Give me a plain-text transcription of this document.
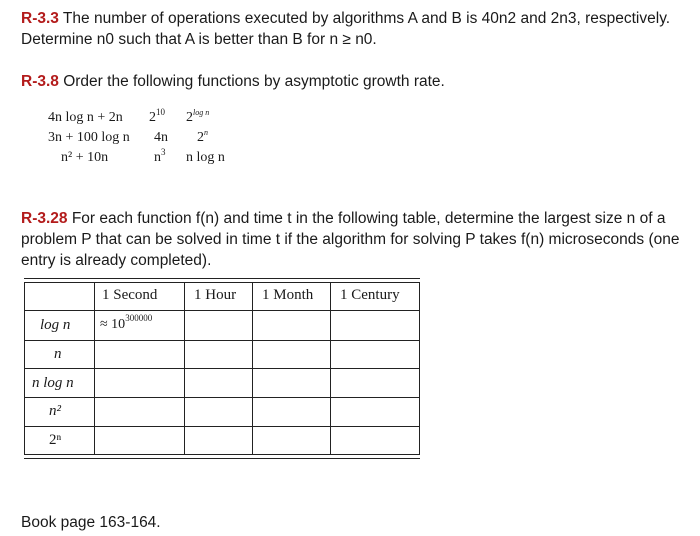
R-3.3 The number of operations executed by algorithms A and B is 40n2 and 2n3, respectively.
Determine n0 such that A is better than B for n ≥ n0.
R-3.8 Order the following functions by asymptotic growth rate.
4n log n + 2n $2^{10}$ $2^{log n}$
3n + 100 log n 4n 2$^n$
n² + 10n	$n^3$ n log n
R-3.28 For each function f(n) and time t in the following table, determine the largest size n of a problem P that can be solved in time t if the algorithm for solving P takes f(n) microseconds (one entry is already completed).
1 Second 1 Hour 1 Month 1 Century
log n
n
n log n
n²
2ⁿ
≈ $10^{300000}$
Book page 163-164.
